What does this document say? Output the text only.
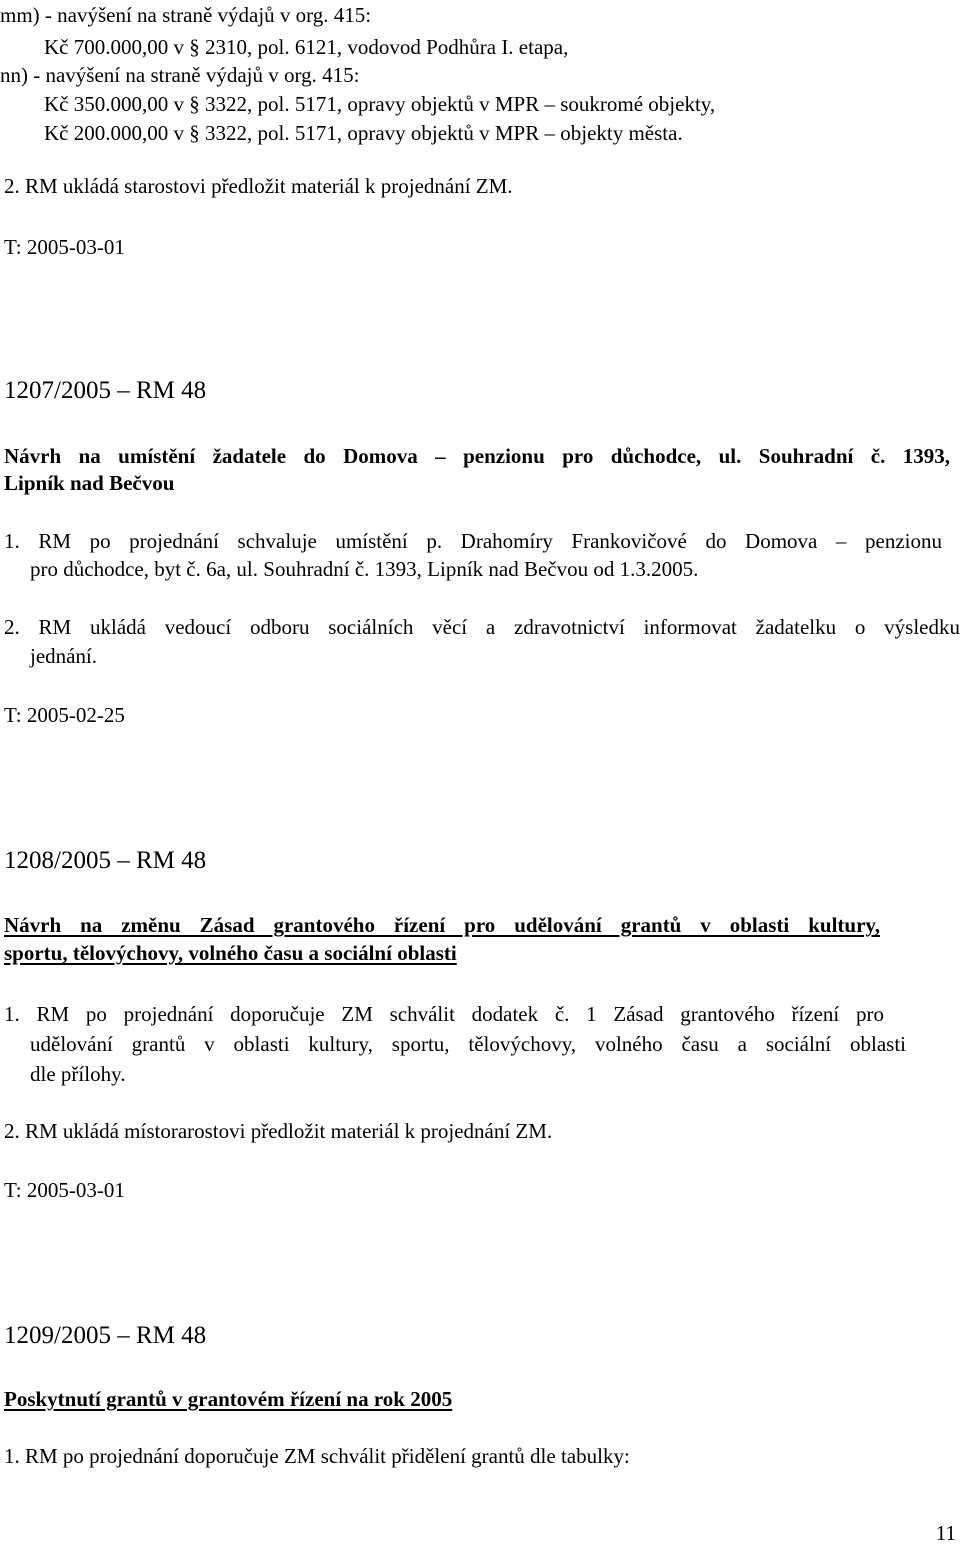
mm) - navýšení na straně výdajů v org. 415:

Kč 700.000,00 v § 2310, pol. 6121, vodovod Podhůra I. etapa,

nn) - navýšení na straně výdajů v org. 415:

Kč 350.000,00 v § 3322, pol. 5171, opravy objektů v MPR – soukromé objekty,

Kč 200.000,00 v § 3322, pol. 5171, opravy objektů v MPR – objekty města.

2. RM ukládá starostovi předložit materiál k projednání ZM.

T: 2005-03-01

1207/2005 – RM 48

Návrh na umístění žadatele do Domova – penzionu pro důchodce, ul. Souhradní č. 1393,

Lipník nad Bečvou

1. RM po projednání schvaluje umístění p. Drahomíry Frankovičové do Domova – penzionu

pro důchodce, byt č. 6a, ul. Souhradní č. 1393, Lipník nad Bečvou od 1.3.2005.

2. RM ukládá vedoucí odboru sociálních věcí a zdravotnictví informovat žadatelku o výsledku

jednání.

T: 2005-02-25

1208/2005 – RM 48

Návrh na změnu Zásad grantového řízení pro udělování grantů v oblasti kultury,

sportu, tělovýchovy, volného času a sociální oblasti

1. RM po projednání doporučuje ZM schválit dodatek č. 1 Zásad grantového řízení pro

udělování grantů v oblasti kultury, sportu, tělovýchovy, volného času a sociální oblasti

dle přílohy.

2. RM ukládá místorarostovi předložit materiál k projednání ZM.

T: 2005-03-01

1209/2005 – RM 48

Poskytnutí grantů v grantovém řízení na rok 2005

1. RM po projednání doporučuje ZM schválit přidělení grantů dle tabulky:

11
